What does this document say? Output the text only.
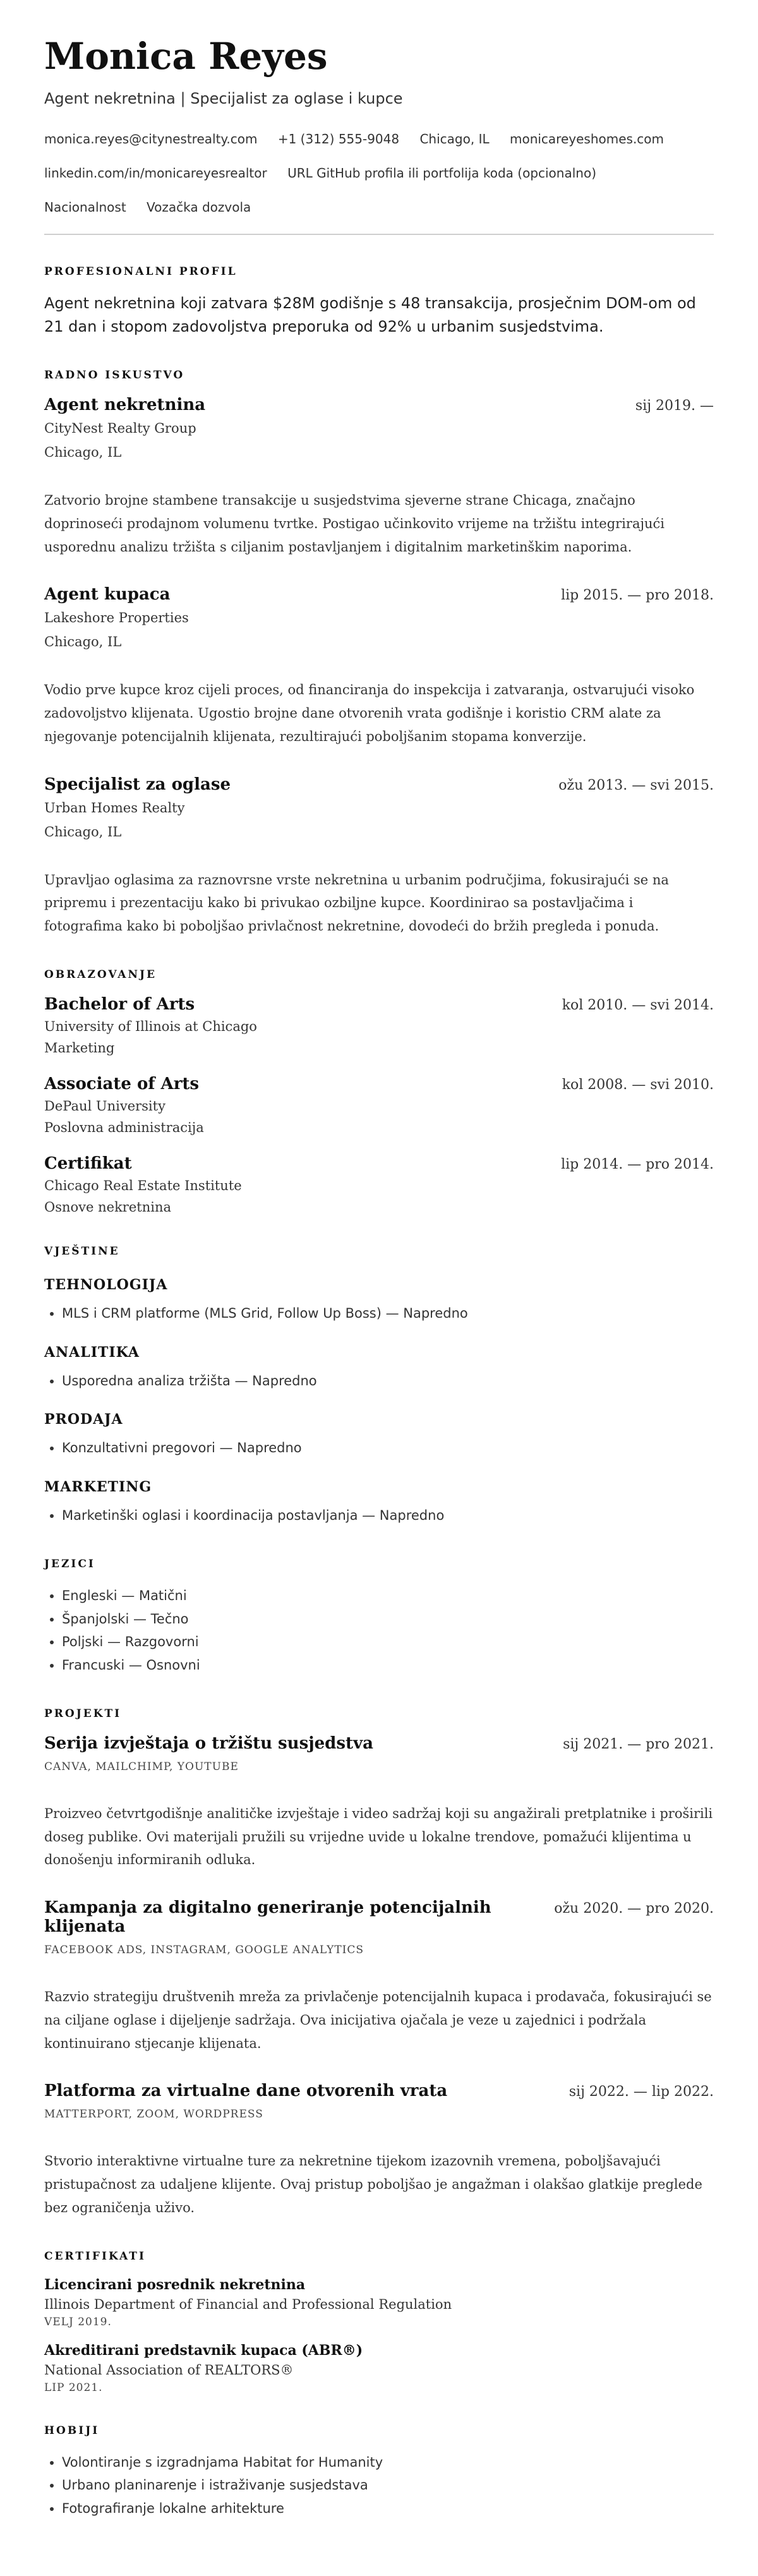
Monica Reyes
Agent nekretnina | Specijalist za oglase i kupce
monica.reyes@citynestrealty.com +1 (312) 555-9048 Chicago, IL monicareyeshomes.com
linkedin.com/in/monicareyesrealtor URL GitHub profila ili portfolija koda (opcionalno)
Nacionalnost Vozačka dozvola
PROFESIONALNI PROFIL
Agent nekretnina koji zatvara $28M godišnje s 48 transakcija, prosječnim DOM-om od 21 dan i stopom zadovoljstva preporuka od 92% u urbanim susjedstvima.
RADNO ISKUSTVO
Agent nekretnina	sij 2019. —
CityNest Realty Group
Chicago, IL
Zatvorio brojne stambene transakcije u susjedstvima sjeverne strane Chicaga, značajno doprinoseći prodajnom volumenu tvrtke. Postigao učinkovito vrijeme na tržištu integrirajući usporednu analizu tržišta s ciljanim postavljanjem i digitalnim marketinškim naporima.
Agent kupaca	lip 2015. — pro 2018.
Lakeshore Properties
Chicago, IL
Vodio prve kupce kroz cijeli proces, od financiranja do inspekcija i zatvaranja, ostvarujući visoko zadovoljstvo klijenata. Ugostio brojne dane otvorenih vrata godišnje i koristio CRM alate za njegovanje potencijalnih klijenata, rezultirajući poboljšanim stopama konverzije.
Specijalist za oglase	ožu 2013. — svi 2015.
Urban Homes Realty
Chicago, IL
Upravljao oglasima za raznovrsne vrste nekretnina u urbanim područjima, fokusirajući se na pripremu i prezentaciju kako bi privukao ozbiljne kupce. Koordinirao sa postavljačima i fotografima kako bi poboljšao privlačnost nekretnine, dovodeći do bržih pregleda i ponuda.
OBRAZOVANJE
Bachelor of Arts	kol 2010. — svi 2014.
University of Illinois at Chicago
Marketing
Associate of Arts	kol 2008. — svi 2010.
DePaul University
Poslovna administracija
Certifikat	lip 2014. — pro 2014.
Chicago Real Estate Institute
Osnove nekretnina
VJEŠTINE
TEHNOLOGIJA
• MLS i CRM platforme (MLS Grid, Follow Up Boss) — Napredno
ANALITIKA
• Usporedna analiza tržišta — Napredno
PRODAJA
• Konzultativni pregovori — Napredno
MARKETING
• Marketinški oglasi i koordinacija postavljanja — Napredno
JEZICI
• Engleski — Matični
• Španjolski — Tečno
• Poljski — Razgovorni
• Francuski — Osnovni
PROJEKTI
Serija izvještaja o tržištu susjedstva	sij 2021. — pro 2021.
CANVA, MAILCHIMP, YOUTUBE
Proizveo četvrtgodišnje analitičke izvještaje i video sadržaj koji su angažirali pretplatnike i proširili doseg publike. Ovi materijali pružili su vrijedne uvide u lokalne trendove, pomažući klijentima u donošenju informiranih odluka.
Kampanja za digitalno generiranje potencijalnih klijenata
ožu 2020. — pro 2020.
FACEBOOK ADS, INSTAGRAM, GOOGLE ANALYTICS
Razvio strategiju društvenih mreža za privlačenje potencijalnih kupaca i prodavača, fokusirajući se na ciljane oglase i dijeljenje sadržaja. Ova inicijativa ojačala je veze u zajednici i podržala kontinuirano stjecanje klijenata.
Platforma za virtualne dane otvorenih vrata	sij 2022. — lip 2022.
MATTERPORT, ZOOM, WORDPRESS
Stvorio interaktivne virtualne ture za nekretnine tijekom izazovnih vremena, poboljšavajući pristupačnost za udaljene klijente. Ovaj pristup poboljšao je angažman i olakšao glatkije preglede bez ograničenja uživo.
CERTIFIKATI
Licencirani posrednik nekretnina
Illinois Department of Financial and Professional Regulation
VELJ 2019.
Akreditirani predstavnik kupaca (ABR®)
National Association of REALTORS®
LIP 2021.
HOBIJI
• Volontiranje s izgradnjama Habitat for Humanity
• Urbano planinarenje i istraživanje susjedstava
• Fotografiranje lokalne arhitekture
